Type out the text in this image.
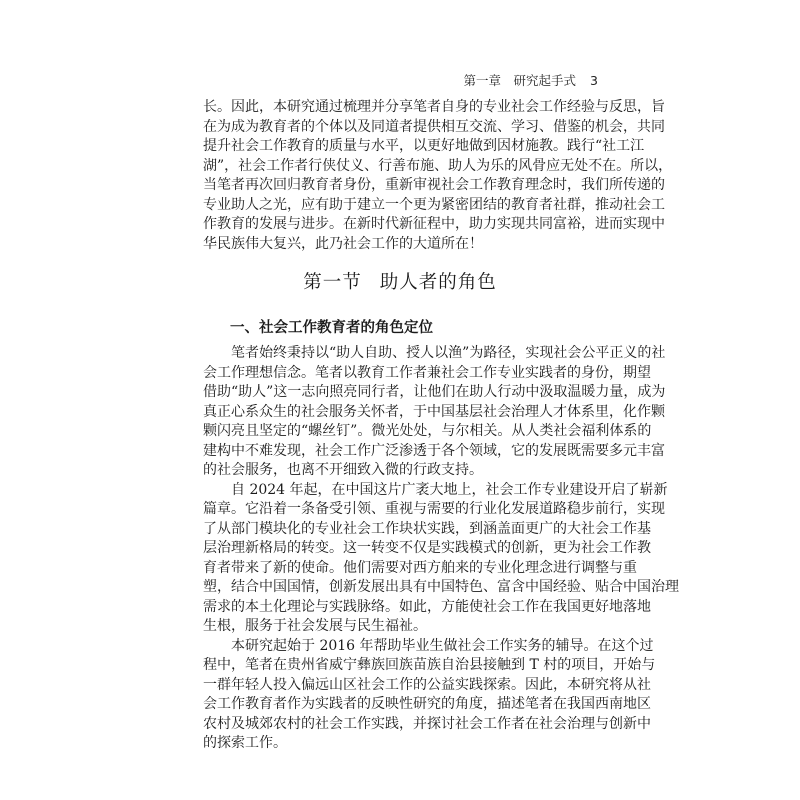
第一章　研究起手式 3
长。因此，本研究通过梳理并分享笔者自身的专业社会工作经验与反思，旨
在为成为教育者的个体以及同道者提供相互交流、学习、借鉴的机会，共同
提升社会工作教育的质量与水平，以更好地做到因材施教。践行“社工江
湖”，社会工作者行侠仗义、行善布施、助人为乐的风骨应无处不在。所以，
当笔者再次回归教育者身份，重新审视社会工作教育理念时，我们所传递的
专业助人之光，应有助于建立一个更为紧密团结的教育者社群，推动社会工
作教育的发展与进步。在新时代新征程中，助力实现共同富裕，进而实现中
华民族伟大复兴，此乃社会工作的大道所在！
第一节 助人者的角色
一、社会工作教育者的角色定位
笔者始终秉持以“助人自助、授人以渔”为路径，实现社会公平正义的社
会工作理想信念。笔者以教育工作者兼社会工作专业实践者的身份，期望
借助“助人”这一志向照亮同行者，让他们在助人行动中汲取温暖力量，成为
真正心系众生的社会服务关怀者，于中国基层社会治理人才体系里，化作颗
颗闪亮且坚定的“螺丝钉”。微光处处，与尔相关。从人类社会福利体系的
建构中不难发现，社会工作广泛渗透于各个领域，它的发展既需要多元丰富
的社会服务，也离不开细致入微的行政支持。
自 2024 年起，在中国这片广袤大地上，社会工作专业建设开启了崭新
篇章。它沿着一条备受引领、重视与需要的行业化发展道路稳步前行，实现
了从部门模块化的专业社会工作块状实践，到涵盖面更广的大社会工作基
层治理新格局的转变。这一转变不仅是实践模式的创新，更为社会工作教
育者带来了新的使命。他们需要对西方舶来的专业化理念进行调整与重
塑，结合中国国情，创新发展出具有中国特色、富含中国经验、贴合中国治理
需求的本土化理论与实践脉络。如此，方能使社会工作在我国更好地落地
生根，服务于社会发展与民生福祉。
本研究起始于 2016 年帮助毕业生做社会工作实务的辅导。在这个过
程中，笔者在贵州省威宁彝族回族苗族自治县接触到 T 村的项目，开始与
一群年轻人投入偏远山区社会工作的公益实践探索。因此，本研究将从社
会工作教育者作为实践者的反映性研究的角度，描述笔者在我国西南地区
农村及城郊农村的社会工作实践，并探讨社会工作者在社会治理与创新中
的探索工作。
